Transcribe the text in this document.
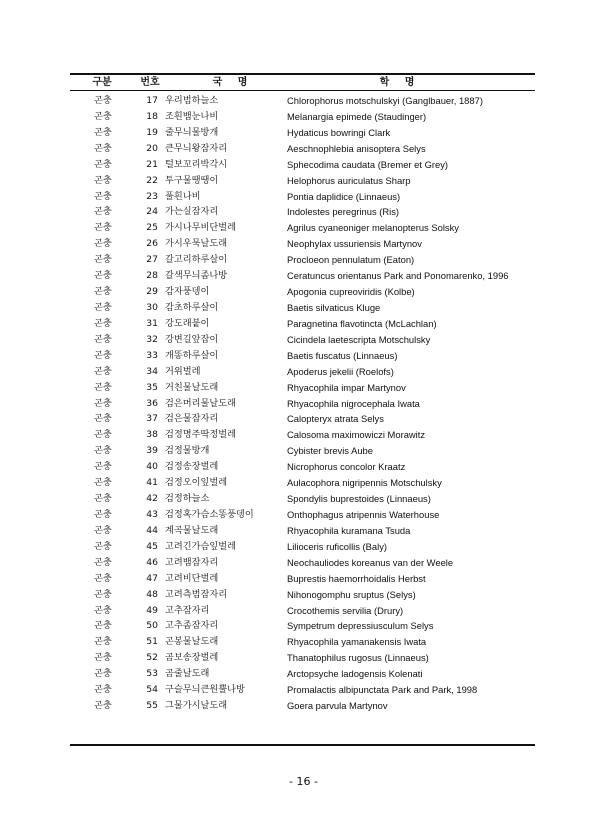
구분	번호	국 명	학 명
곤충	17 우리범하늘소	Chlorophorus motschulskyi (Ganglbauer, 1887)
곤충	18 조흰뱀눈나비	Melanargia epimede (Staudinger)
곤충	19 줄무늬물방개	Hydaticus bowringi Clark
곤충	20 큰무늬왕잠자리	Aeschnophlebia anisoptera Selys
곤충	21 털보꼬리박각시	Sphecodima caudata (Bremer et Grey)
곤충	22 투구물땡땡이	Helophorus auriculatus Sharp
곤충	23 풀흰나비	Pontia daplidice (Linnaeus)
곤충	24 가는실잠자리	Indolestes peregrinus (Ris)
곤충	25 가시나무비단벌레	Agrilus cyaneoniger melanopterus Solsky
곤충	26 가시우묵날도래	Neophylax ussuriensis Martynov
곤충	27 갈고리하루살이	Procloeon pennulatum (Eaton)
곤충	28 갈색무늬좀나방	Ceratuncus orientanus Park and Ponomarenko, 1996
곤충	29 감자풍뎅이	Apogonia cupreoviridis (Kolbe)
곤충	30 감초하루살이	Baetis silvaticus Kluge
곤충	31 강도래붙이	Paragnetina flavotincta (McLachlan)
곤충	32 강변길앞잡이	Cicindela laetescripta Motschulsky
곤충	33 개똥하루살이	Baetis fuscatus (Linnaeus)
곤충	34 거위벌레	Apoderus jekelii (Roelofs)
곤충	35 거친물날도래	Rhyacophila impar Martynov
곤충	36 검은머리물날도래	Rhyacophila nigrocephala Iwata
곤충	37 검은물잠자리	Calopteryx atrata Selys
곤충	38 검정명주딱정벌레	Calosoma maximowiczi Morawitz
곤충	39 검정물방개	Cybister brevis Aube
곤충	40 검정송장벌레	Nicrophorus concolor Kraatz
곤충	41 검정오이잎벌레	Aulacophora nigripennis Motschulsky
곤충	42 검정하늘소	Spondylis buprestoides (Linnaeus)
곤충	43 검정혹가슴소똥풍뎅이	Onthophagus atripennis Waterhouse
곤충	44 계곡물날도래	Rhyacophila kuramana Tsuda
곤충	45 고려긴가슴잎벌레	Lilioceris ruficollis (Baly)
곤충	46 고려뱀잠자리	Neochauliodes koreanus van der Weele
곤충	47 고려비단벌레	Buprestis haemorrhoidalis Herbst
곤충	48 고려측범잠자리	Nihonogomphu sruptus (Selys)
곤충	49 고추잠자리	Crocothemis servilia (Drury)
곤충	50 고추좀잠자리	Sympetrum depressiusculum Selys
곤충	51 곤봉물날도래	Rhyacophila yamanakensis Iwata
곤충	52 곰보송장벌레	Thanatophilus rugosus (Linnaeus)
곤충	53 곰줄날도래	Arctopsyche ladogensis Kolenati
곤충	54 구슬무늬큰원뿔나방	Promalactis albipunctata Park and Park, 1998
곤충	55 그물가시날도래	Goera parvula Martynov
- 16 -
